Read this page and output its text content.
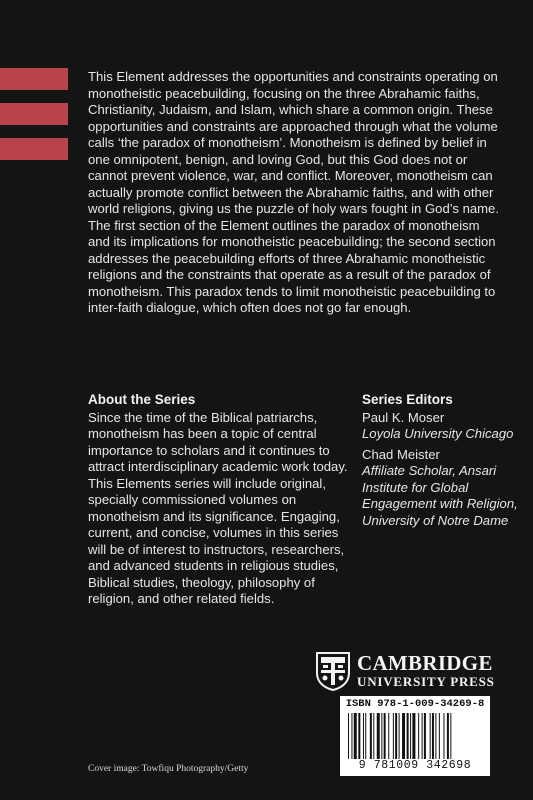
This Element addresses the opportunities and constraints operating on monotheistic peacebuilding, focusing on the three Abrahamic faiths, Christianity, Judaism, and Islam, which share a common origin. These opportunities and constraints are approached through what the volume calls ‘the paradox of monotheism’. Monotheism is defined by belief in one omnipotent, benign, and loving God, but this God does not or cannot prevent violence, war, and conflict. Moreover, monotheism can actually promote conflict between the Abrahamic faiths, and with other world religions, giving us the puzzle of holy wars fought in God’s name. The first section of the Element outlines the paradox of monotheism and its implications for monotheistic peacebuilding; the second section addresses the peacebuilding efforts of three Abrahamic monotheistic religions and the constraints that operate as a result of the paradox of monotheism. This paradox tends to limit monotheistic peacebuilding to inter-faith dialogue, which often does not go far enough.

About the Series

Since the time of the Biblical patriarchs, monotheism has been a topic of central importance to scholars and it continues to attract interdisciplinary academic work today. This Elements series will include original, specially commissioned volumes on monotheism and its significance. Engaging, current, and concise, volumes in this series will be of interest to instructors, researchers, and advanced students in religious studies, Biblical studies, theology, philosophy of religion, and other related fields.

Series Editors
Paul K. Moser
Loyola University Chicago
Chad Meister
Affiliate Scholar, Ansari Institute for Global Engagement with Religion, University of Notre Dame
CAMBRIDGE
UNIVERSITY PRESS
ISBN 978-1-009-34269-8
9 781009 342698
Cover image: Towfiqu Photography/Getty
